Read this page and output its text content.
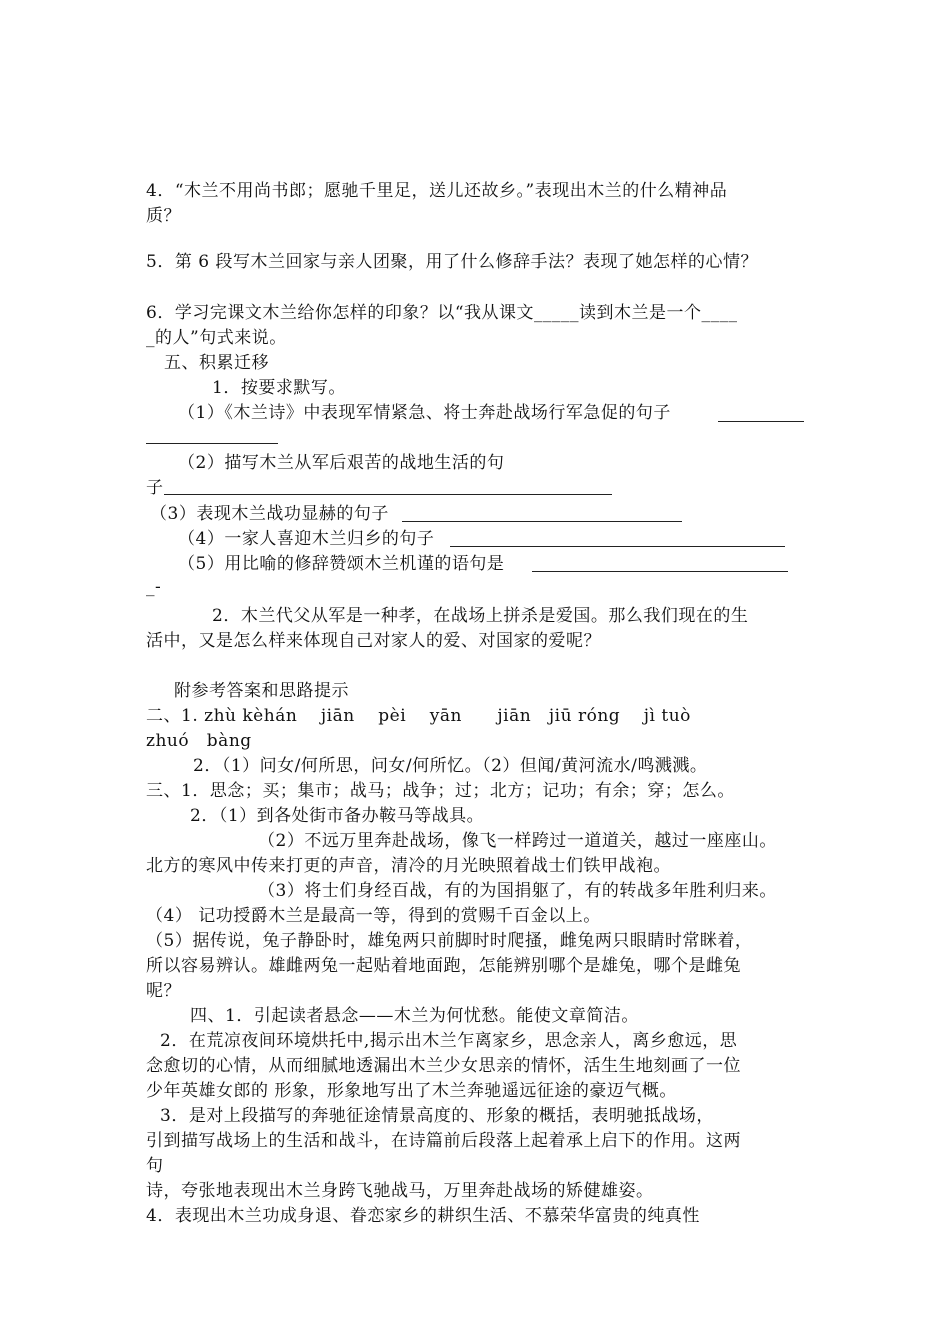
4．“木兰不用尚书郎；愿驰千里足，送儿还故乡。”表现出木兰的什么精神品
质？
5．第 6 段写木兰回家与亲人团聚，用了什么修辞手法？表现了她怎样的心情？
6．学习完课文木兰给你怎样的印象？以“我从课文_____读到木兰是一个____
_的人”句式来说。
五、积累迁移
1．按要求默写。
（1）《木兰诗》中表现军情紧急、将士奔赴战场行军急促的句子
（2）描写木兰从军后艰苦的战地生活的句
子
（3）表现木兰战功显赫的句子
（4）一家人喜迎木兰归乡的句子
（5）用比喻的修辞赞颂木兰机谨的语句是
_-
2．木兰代父从军是一种孝，在战场上拼杀是爱国。那么我们现在的生
活中，又是怎么样来体现自己对家人的爱、对国家的爱呢？
附参考答案和思路提示
二、1. zhù kèhán    jiān    pèi    yān      jiān   jiū róng    jì tuò
zhuó   bàng
2．（1）问女/何所思，问女/何所忆。（2）但闻/黄河流水/鸣溅溅。
三、1．思念；买；集市；战马；战争；过；北方；记功；有余；穿；怎么。
2．（1）到各处街市备办鞍马等战具。
（2）不远万里奔赴战场，像飞一样跨过一道道关，越过一座座山。
北方的寒风中传来打更的声音，清冷的月光映照着战士们铁甲战袍。
（3）将士们身经百战，有的为国捐躯了，有的转战多年胜利归来。
（4） 记功授爵木兰是最高一等，得到的赏赐千百金以上。
（5）据传说，兔子静卧时，雄兔两只前脚时时爬搔，雌兔两只眼睛时常眯着，
所以容易辨认。雄雌两兔一起贴着地面跑，怎能辨别哪个是雄兔，哪个是雌兔
呢？
四、1．引起读者悬念——木兰为何忧愁。能使文章简洁。
2．在荒凉夜间环境烘托中,揭示出木兰乍离家乡，思念亲人，离乡愈远，思
念愈切的心情，从而细腻地透漏出木兰少女思亲的情怀，活生生地刻画了一位
少年英雄女郎的 形象，形象地写出了木兰奔驰遥远征途的豪迈气概。
3．是对上段描写的奔驰征途情景高度的、形象的概括，表明驰抵战场，
引到描写战场上的生活和战斗，在诗篇前后段落上起着承上启下的作用。这两
句
诗，夸张地表现出木兰身跨飞驰战马，万里奔赴战场的矫健雄姿。
4．表现出木兰功成身退、眷恋家乡的耕织生活、不慕荣华富贵的纯真性
